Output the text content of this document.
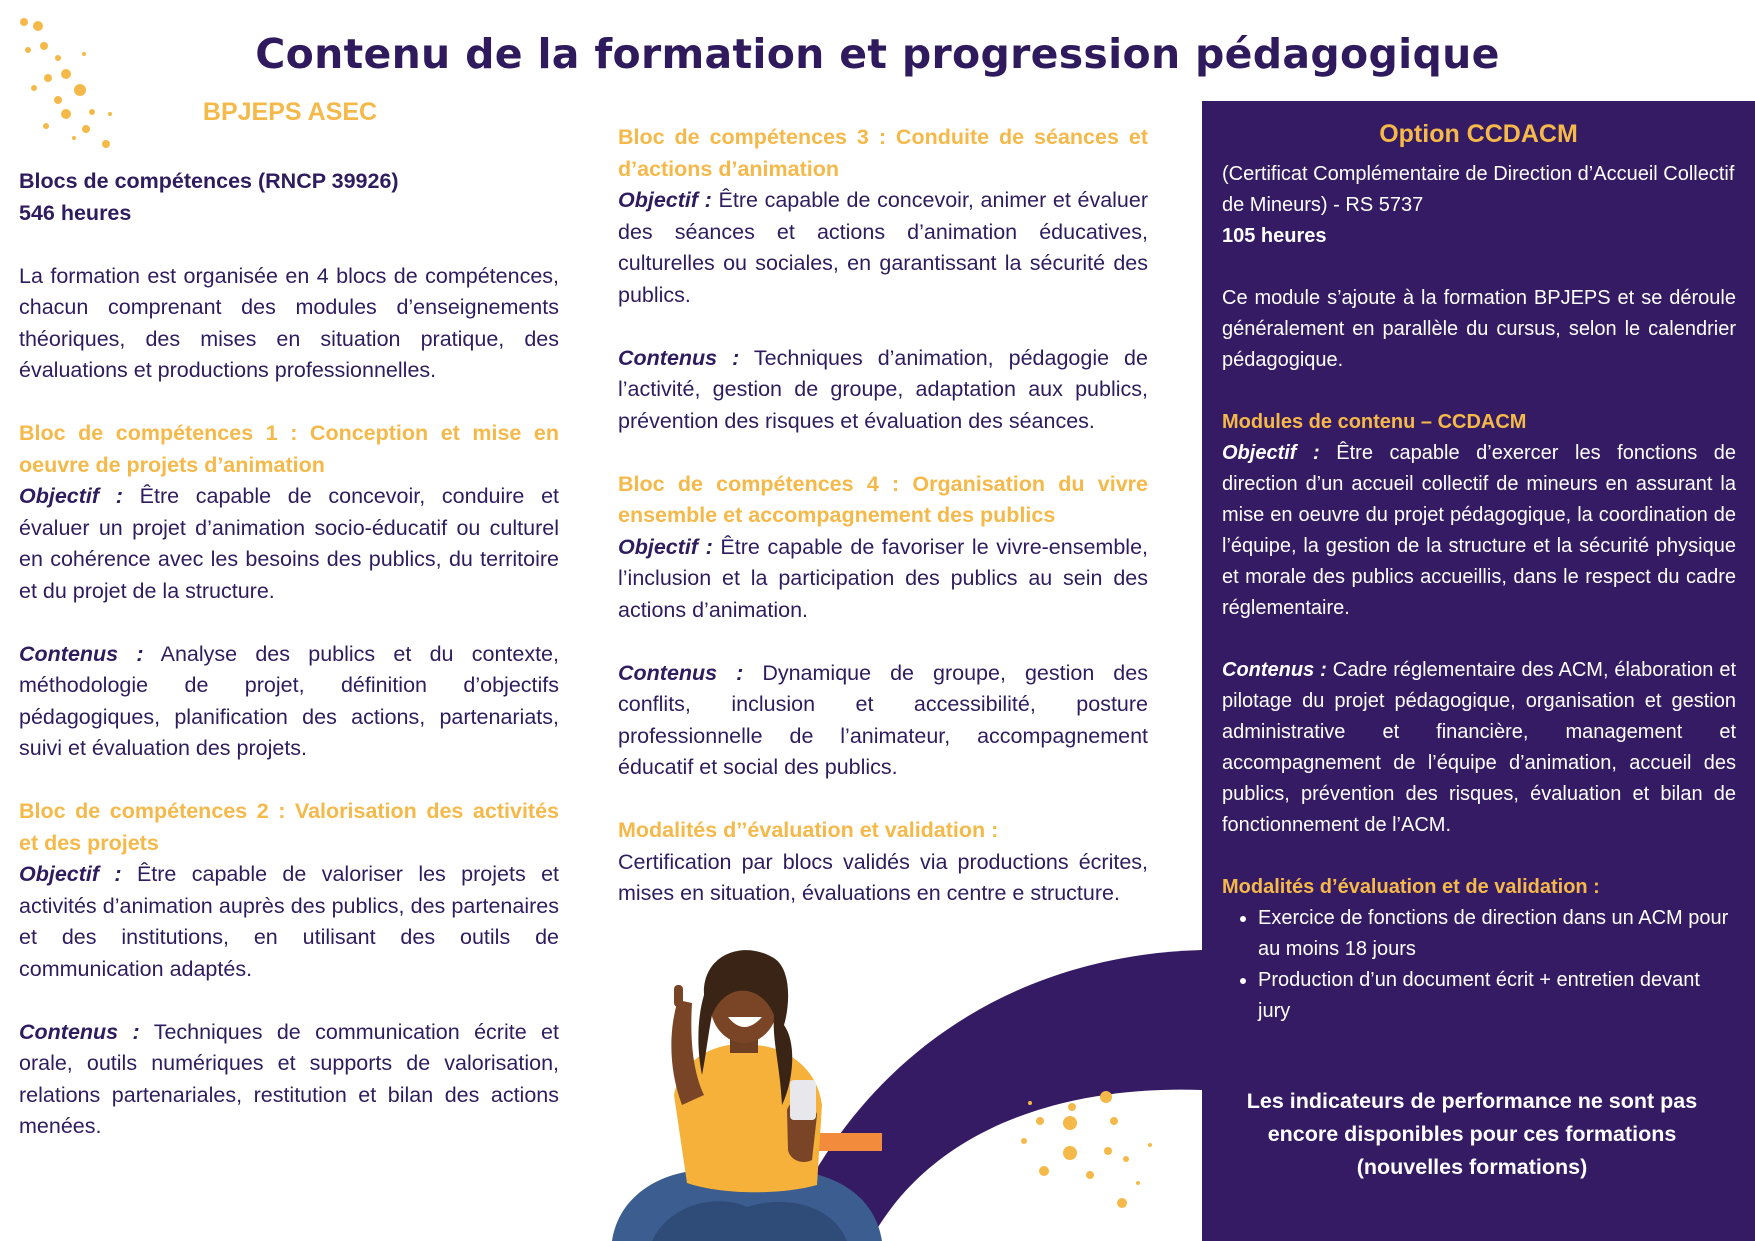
Contenu de la formation et progression pédagogique
BPJEPS ASEC

Blocs de compétences (RNCP 39926)

546 heures

La formation est organisée en 4 blocs de compétences, chacun comprenant des modules d’enseignements théoriques, des mises en situation pratique, des évaluations et productions professionnelles.

Bloc de compétences 1 : Conception et mise en oeuvre de projets d’animation

Objectif : Être capable de concevoir, conduire et évaluer un projet d’animation socio-éducatif ou culturel en cohérence avec les besoins des publics, du territoire et du projet de la structure.

Contenus : Analyse des publics et du contexte, méthodologie de projet, définition d’objectifs pédagogiques, planification des actions, partenariats, suivi et évaluation des projets.

Bloc de compétences 2 : Valorisation des activités et des projets

Objectif : Être capable de valoriser les projets et activités d’animation auprès des publics, des partenaires et des institutions, en utilisant des outils de communication adaptés.

Contenus : Techniques de communication écrite et orale, outils numériques et supports de valorisation, relations partenariales, restitution et bilan des actions menées.

Bloc de compétences 3 : Conduite de séances et d’actions d’animation

Objectif : Être capable de concevoir, animer et évaluer des séances et actions d’animation éducatives, culturelles ou sociales, en garantissant la sécurité des publics.

Contenus : Techniques d’animation, pédagogie de l’activité, gestion de groupe, adaptation aux publics, prévention des risques et évaluation des séances.

Bloc de compétences 4 : Organisation du vivre ensemble et accompagnement des publics

Objectif : Être capable de favoriser le vivre-ensemble, l’inclusion et la participation des publics au sein des actions d’animation.

Contenus : Dynamique de groupe, gestion des conflits, inclusion et accessibilité, posture professionnelle de l’animateur, accompagnement éducatif et social des publics.

Modalités d’’évaluation et validation :

Certification par blocs validés via productions écrites, mises en situation, évaluations en centre e structure.

Option CCDACM

(Certificat Complémentaire de Direction d’Accueil Collectif de Mineurs) - RS 5737

105 heures

Ce module s’ajoute à la formation BPJEPS et se déroule généralement en parallèle du cursus, selon le calendrier pédagogique.

Modules de contenu – CCDACM

Objectif : Être capable d’exercer les fonctions de direction d’un accueil collectif de mineurs en assurant la mise en oeuvre du projet pédagogique, la coordination de l’équipe, la gestion de la structure et la sécurité physique et morale des publics accueillis, dans le respect du cadre réglementaire.

Contenus : Cadre réglementaire des ACM, élaboration et pilotage du projet pédagogique, organisation et gestion administrative et financière, management et accompagnement de l’équipe d’animation, accueil des publics, prévention des risques, évaluation et bilan de fonctionnement de l’ACM.

Modalités d’évaluation et de validation :

• Exercice de fonctions de direction dans un ACM pour au moins 18 jours
• Production d’un document écrit + entretien devant jury
Les indicateurs de performance ne sont pas encore disponibles pour ces formations (nouvelles formations)
